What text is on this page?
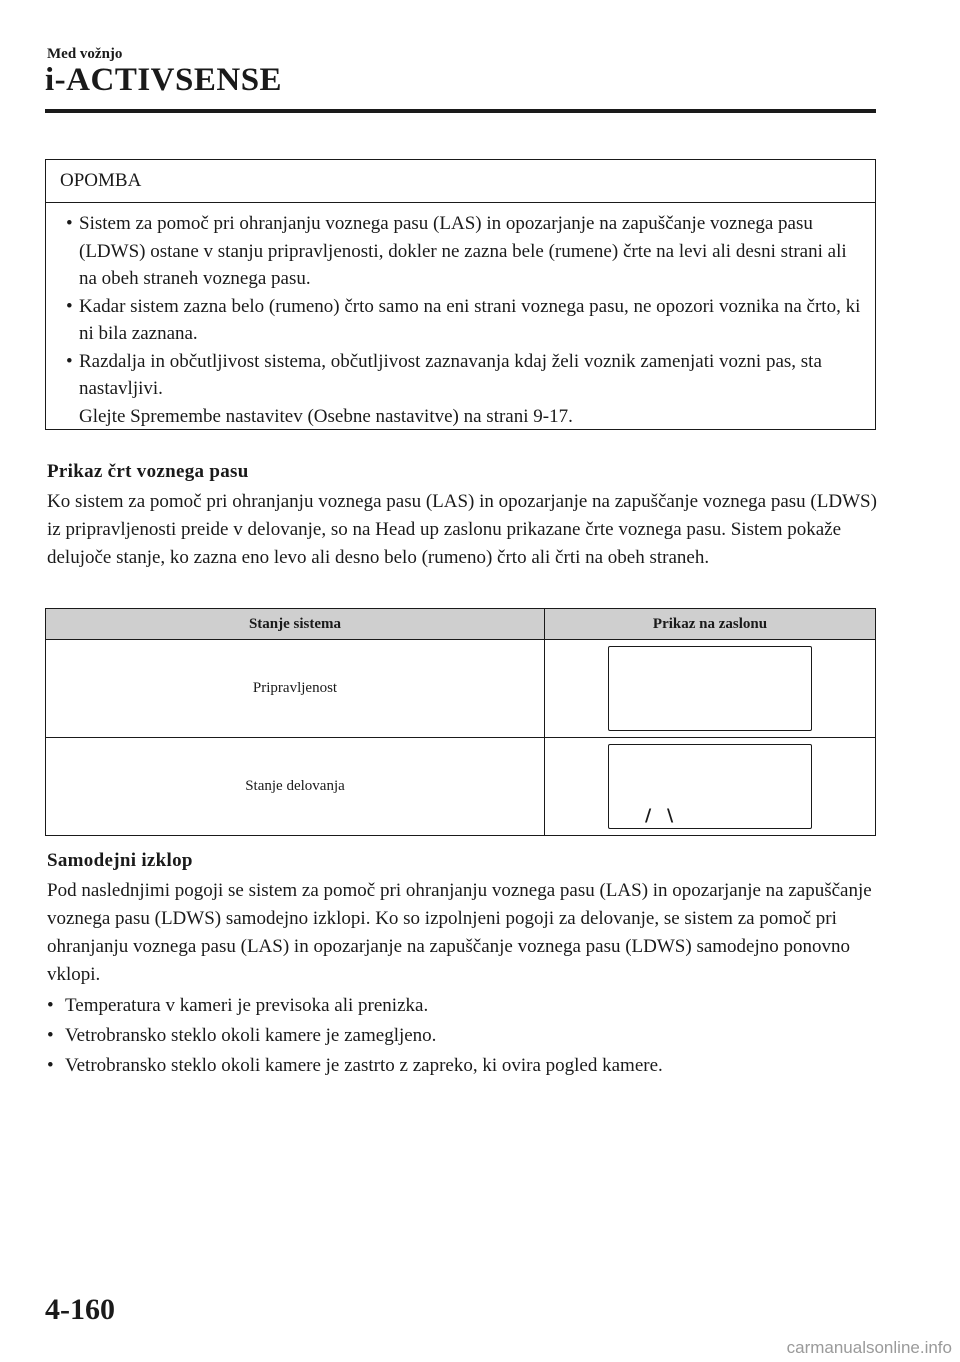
Med vožnjo
i-ACTIVSENSE
OPOMBA
• Sistem za pomoč pri ohranjanju voznega pasu (LAS) in opozarjanje na zapuščanje voznega pasu (LDWS) ostane v stanju pripravljenosti, dokler ne zazna bele (rumene) črte na levi ali desni strani ali na obeh straneh voznega pasu.
• Kadar sistem zazna belo (rumeno) črto samo na eni strani voznega pasu, ne opozori voznika na črto, ki ni bila zaznana.
• Razdalja in občutljivost sistema, občutljivost zaznavanja kdaj želi voznik zamenjati vozni pas, sta nastavljivi.
Glejte Spremembe nastavitev (Osebne nastavitve) na strani 9-17.
Prikaz črt voznega pasu
Ko sistem za pomoč pri ohranjanju voznega pasu (LAS) in opozarjanje na zapuščanje voznega pasu (LDWS) iz pripravljenosti preide v delovanje, so na Head up zaslonu prikazane črte voznega pasu. Sistem pokaže delujoče stanje, ko zazna eno levo ali desno belo (rumeno) črto ali črti na obeh straneh.
Stanje sistema	Prikaz na zaslonu
Pripravljenost	

Stanje delovanja	/ \
Samodejni izklop
Pod naslednjimi pogoji se sistem za pomoč pri ohranjanju voznega pasu (LAS) in opozarjanje na zapuščanje voznega pasu (LDWS) samodejno izklopi. Ko so izpolnjeni pogoji za delovanje, se sistem za pomoč pri ohranjanju voznega pasu (LAS) in opozarjanje na zapuščanje voznega pasu (LDWS) samodejno ponovno vklopi.
• Temperatura v kameri je previsoka ali prenizka.
• Vetrobransko steklo okoli kamere je zamegljeno.
• Vetrobransko steklo okoli kamere je zastrto z zapreko, ki ovira pogled kamere.
4-160
carmanualsonline.info
